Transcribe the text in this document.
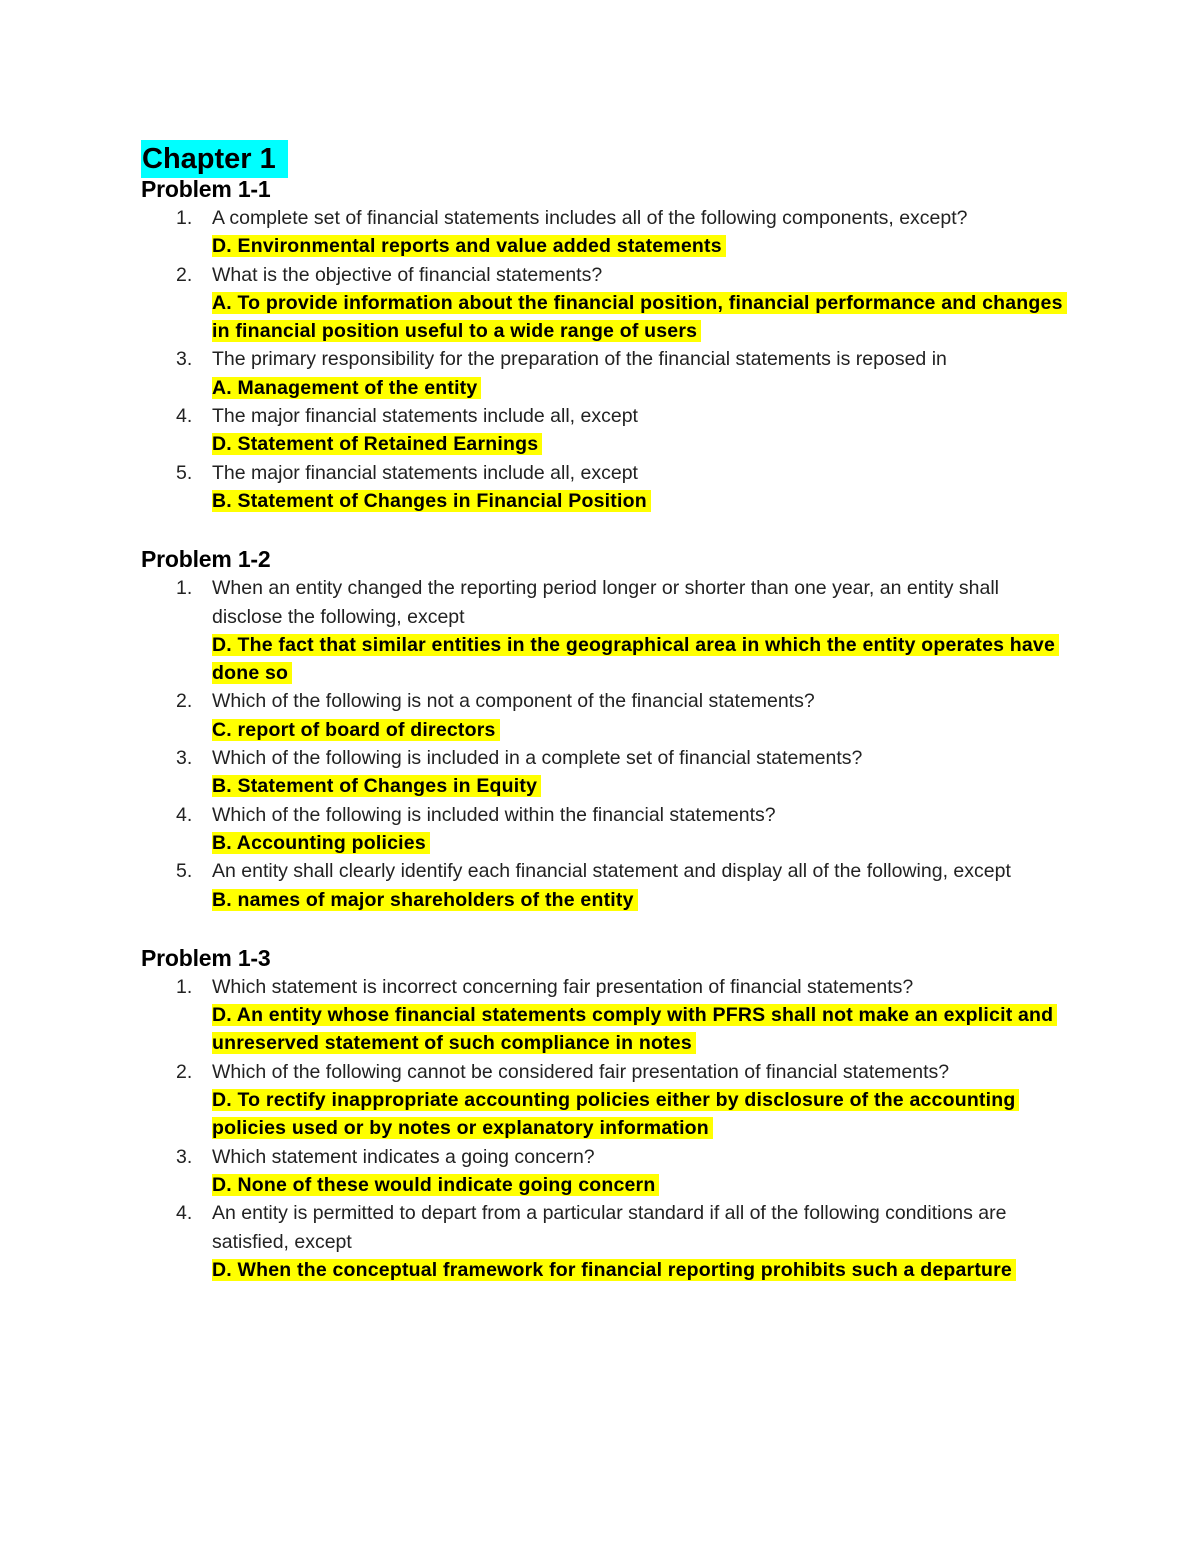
Chapter 1
Problem 1-1
1. A complete set of financial statements includes all of the following components, except?
D. Environmental reports and value added statements
2. What is the objective of financial statements?
A. To provide information about the financial position, financial performance and changes in financial position useful to a wide range of users
3. The primary responsibility for the preparation of the financial statements is reposed in
A. Management of the entity
4. The major financial statements include all, except
D. Statement of Retained Earnings
5. The major financial statements include all, except
B. Statement of Changes in Financial Position
Problem 1-2
1. When an entity changed the reporting period longer or shorter than one year, an entity shall disclose the following, except
D. The fact that similar entities in the geographical area in which the entity operates have done so
2. Which of the following is not a component of the financial statements?
C. report of board of directors
3. Which of the following is included in a complete set of financial statements?
B. Statement of Changes in Equity
4. Which of the following is included within the financial statements?
B. Accounting policies
5. An entity shall clearly identify each financial statement and display all of the following, except
B. names of major shareholders of the entity
Problem 1-3
1. Which statement is incorrect concerning fair presentation of financial statements?
D. An entity whose financial statements comply with PFRS shall not make an explicit and unreserved statement of such compliance in notes
2. Which of the following cannot be considered fair presentation of financial statements?
D. To rectify inappropriate accounting policies either by disclosure of the accounting policies used or by notes or explanatory information
3. Which statement indicates a going concern?
D. None of these would indicate going concern
4. An entity is permitted to depart from a particular standard if all of the following conditions are satisfied, except
D. When the conceptual framework for financial reporting prohibits such a departure
